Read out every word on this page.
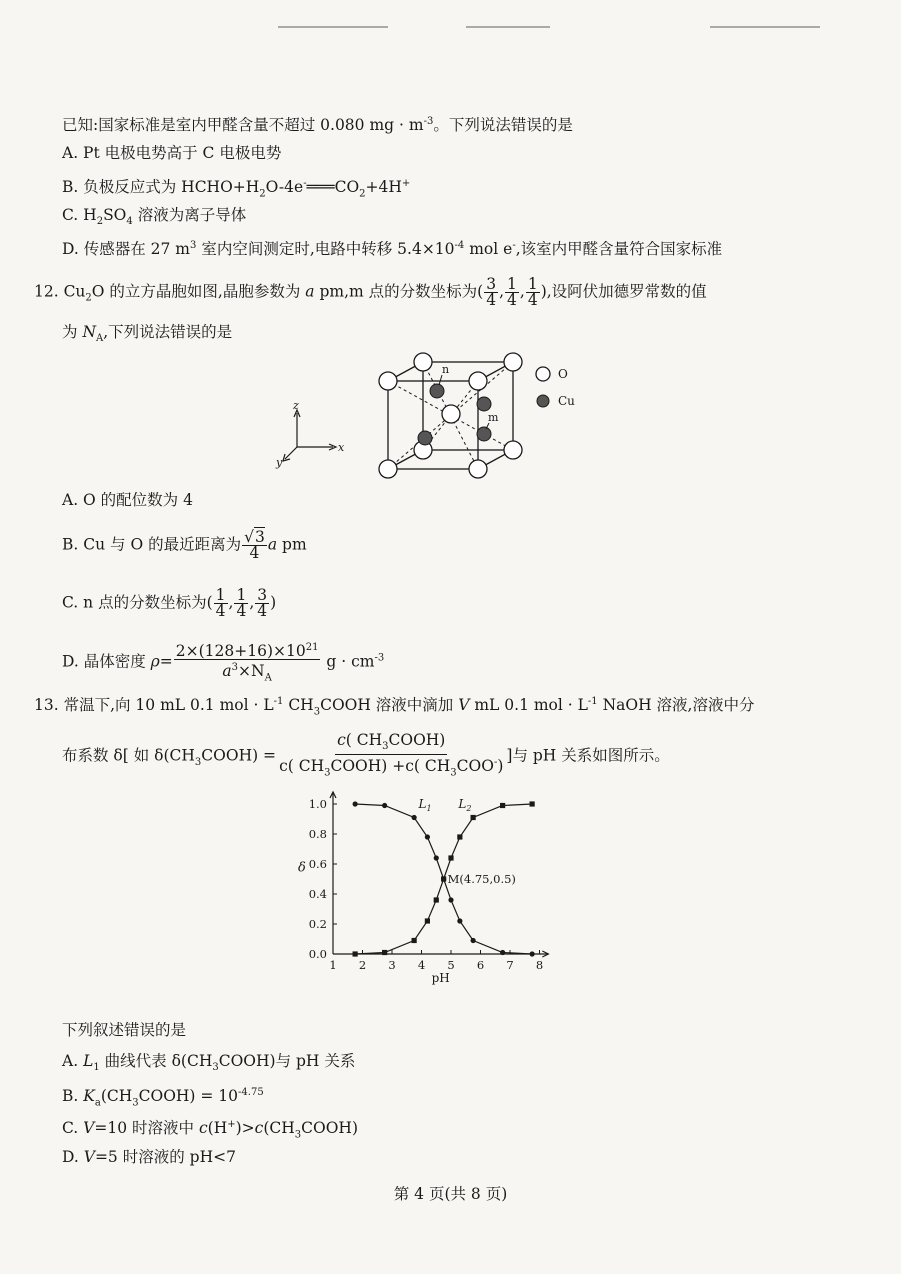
已知:国家标准是室内甲醛含量不超过 0.080 mg · $m^{-3}$。下列说法错误的是
A. Pt 电极电势高于 C 电极电势
B. 负极反应式为 $HCHO+H_2O-4e^-═══CO_2+4H^+$
C. $H_2SO_4$ 溶液为离子导体
D. 传感器在 27 $m^3$ 室内空间测定时,电路中转移 $5.4\times 10^{-4}$ mol e-,该室内甲醛含量符合国家标准
12. $Cu_2O$ 的立方晶胞如图,晶胞参数为 a pm,m 点的分数坐标为( $\frac{3}{4}$ , $\frac{1}{4}$ , $\frac{1}{4}$ ),设阿伏加德罗常数的值
为 $N_A$,下列说法错误的是
z
x
y
n
m
O
Cu
A. O 的配位数为 4
B. Cu 与 O 的最近距离为 $\frac{√3}{4}$ a pm
C. n 点的分数坐标为( $\frac{1}{4}$ , $\frac{1}{4}$ , $\frac{3}{4}$ )
D. 晶体密度 $\rho= \frac{2\times(128+16)\times 10^{21}}{a^3\times N_A}$ $g \cdot cm^{-3}$
13. 常温下,向 10 mL 0.1 mol · $L^{-1}$ $CH_3COOH$ 溶液中滴加 V mL 0.1 mol · $L^{-1}$ NaOH 溶液,溶液中分
布系数 δ[ 如 $\delta(CH_3COOH) = \frac{c( CH_3COOH)}{c( CH_3COOH) +c( CH_3COO^-)}$ ]与 pH 关系如图所示。
1 2 3 4 5 6 7 8
0.0
0.2
0.4
0.6
0.8
1.0
δ
pH
M(4.75,0.5)
$L_1$ $L_2$
下列叙述错误的是
A. $L_1$ 曲线代表 $\delta(CH_3COOH)$与 pH 关系
B. $K_a(CH_3COOH) = 10^{-4.75}$
C. V=10 时溶液中 $c(H^+)>c(CH_3COOH)$
D. V=5 时溶液的 pH<7
第 4 页(共 8 页)
